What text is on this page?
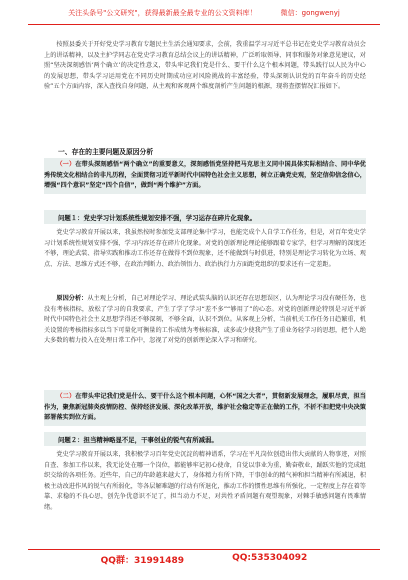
关注头条号"公文研究"，获得最新最全最专业的公文资料库！	微信：gongwenyj

按照县委关于开好党史学习教育专题民主生活会通知要求，会前，我重温学习习近平总书记在党史学习教育动员会上的讲话精神，以及主护学同志在党史学习教育总结会议上的讲话精神，广泛听取领导、同事和服务对象意见建议，对照“坚决深刻感悟‘两个确立’的决定性意义，带头牢记我们党是什么、要干什么这个根本问题，带头践行以人民为中心的发展思想，带头学习运用党在不同历史时期成功应对风险挑战的丰富经验，带头深刻认识党的百年奋斗的历史经验”五个方面内容，深入查找自身问题，从主观和客观两个维度剖析产生问题的根源，现将查摆情况汇报如下。

一、存在的主要问题及原因分析

（一）在带头深刻感悟“两个确立”的重要意义，深刻感悟党坚持把马克思主义同中国具体实际相结合、同中华优秀传统文化相结合的非凡历程，全面贯彻习近平新时代中国特色社会主义思想，树立正确党史观，坚定信仰信念信心，增强“四个意识”坚定“四个自信”，做到“两个维护”方面。

问题１：党史学习计划系统性规划安排不强，学习运存在碎片化现象。

党史学习教育开展以来，我虽然按时参加党支部理论集中学习，也能完成个人自学工作任务，但是，对百年党史学习计划系统性规划安排不强，学习内容还存在碎片化现象。对党的创新理论理论能够跟着专家学，但学习理解的深度还不够，理论武装、指导实践和推动工作还存在做得不到位现象，还不能做到与时俱进，特别是理论学习转化为立场、观点、方法、思维方式还不够，在政治判断力、政治领悟力、政治执行力方面距党组织的要求还有一定差距。

原因分析：从主观上分析，自己对理论学习、理论武装头脑的认识还存在思想误区，认为理论学习没有硬任务，也没有考核指标，放松了学习的自我要求，产生了学了学习“差不多”“够用了”的心态。对党的创新理论特别是习近平新时代中国特色社会主义思想学得还不够深刻，不够全面，认识不到位。从客观上分析，当前机关工作任务日趋繁重，机关设置的考核指标多以当下可量化可衡量的工作成绩为考核标准，或多或少使我产生了重业务轻学习的思想，把个人绝大多数的精力投入在处理日常工作中，忽视了对党的创新理论深入学习和研究。

（二）在带头牢记我们党是什么、要干什么这个根本问题，心怀“国之大者”，贯彻新发展理念，履职尽责，担当作为，聚焦新冠肺炎疫情防控、保持经济发展、深化改革开放，维护社会稳定等正在做的工作，不折不扣把党中央决策部署落实到位方面。

问题２：担当精神略显不足，干事创业的锐气有所减弱。

党史学习教育开展以来，我积极学习百年党史沉淀的精神谱系，学习在平凡岗位创造出伟大贡献的人物事迹，对照自查、参加工作以来，我无论处在哪一个岗位，都能够牢记初心使命，自觉以事业为重，勤奋敬业，踊跃实他的完成组织交给的各项任务。近些年，自己的年龄越来越大了，身体精力有所下降，干事创业的精气神和担当精神有所减退，积极主动改进作风的锐气有所弱化，等各层解难题的行动有所退化，推动工作的惯性思维有所强化，一定程度上存在着等靠、求稳的不良心思，创先争优意识不足了，担当动力不足，对共性矛盾问题有观望现象，对棘手敏感问题有畏难情绪。

QQ群：31991489	QQ:535304092
